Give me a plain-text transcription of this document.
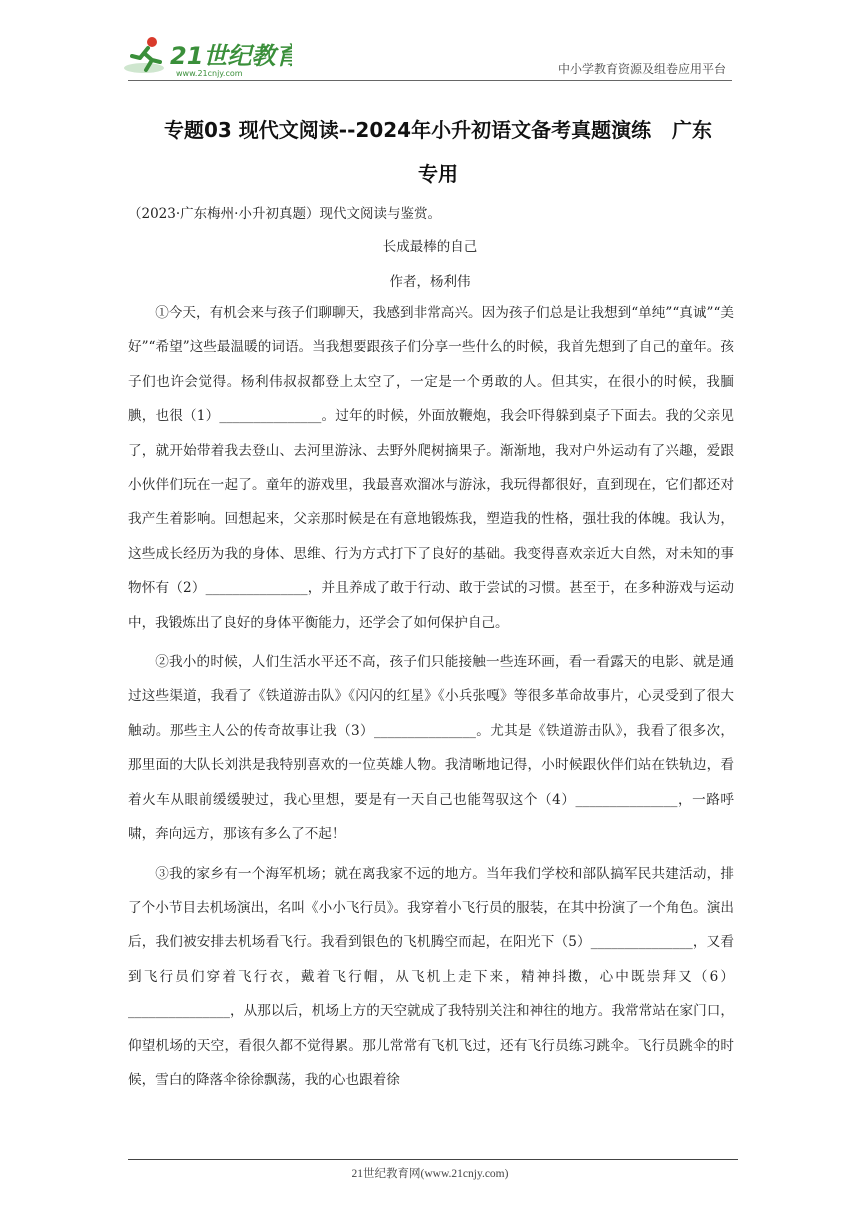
21世纪教育
www.21cnjy.com	中小学教育资源及组卷应用平台
专题03 现代文阅读--2024年小升初语文备考真题演练   广东
专用
（2023·广东梅州·小升初真题）现代文阅读与鉴赏。
长成最棒的自己
作者，杨利伟

①今天，有机会来与孩子们聊聊天，我感到非常高兴。因为孩子们总是让我想到“单纯”“真诚”“美好”“希望”这些最温暖的词语。当我想要跟孩子们分享一些什么的时候，我首先想到了自己的童年。孩子们也许会觉得。杨利伟叔叔都登上太空了，一定是一个勇敢的人。但其实，在很小的时候，我腼腆，也很（1）_______________。过年的时候，外面放鞭炮，我会吓得躲到桌子下面去。我的父亲见了，就开始带着我去登山、去河里游泳、去野外爬树摘果子。渐渐地，我对户外运动有了兴趣，爱跟小伙伴们玩在一起了。童年的游戏里，我最喜欢溜冰与游泳，我玩得都很好，直到现在，它们都还对我产生着影响。回想起来，父亲那时候是在有意地锻炼我，塑造我的性格，强壮我的体魄。我认为，这些成长经历为我的身体、思维、行为方式打下了良好的基础。我变得喜欢亲近大自然，对未知的事物怀有（2）_______________，并且养成了敢于行动、敢于尝试的习惯。甚至于，在多种游戏与运动中，我锻炼出了良好的身体平衡能力，还学会了如何保护自己。

②我小的时候，人们生活水平还不高，孩子们只能接触一些连环画，看一看露天的电影、就是通过这些渠道，我看了《铁道游击队》《闪闪的红星》《小兵张嘎》等很多革命故事片，心灵受到了很大触动。那些主人公的传奇故事让我（3）_______________。尤其是《铁道游击队》，我看了很多次，那里面的大队长刘洪是我特别喜欢的一位英雄人物。我清晰地记得，小时候跟伙伴们站在铁轨边，看着火车从眼前缓缓驶过，我心里想，要是有一天自己也能驾驭这个（4）_______________，一路呼啸，奔向远方，那该有多么了不起！

③我的家乡有一个海军机场；就在离我家不远的地方。当年我们学校和部队搞军民共建活动，排了个小节目去机场演出，名叫《小小飞行员》。我穿着小飞行员的服装，在其中扮演了一个角色。演出后，我们被安排去机场看飞行。我看到银色的飞机腾空而起，在阳光下（5）_______________，又看到飞行员们穿着飞行衣，戴着飞行帽，从飞机上走下来，精神抖擞，心中既崇拜又（6）_______________，从那以后，机场上方的天空就成了我特别关注和神往的地方。我常常站在家门口，仰望机场的天空，看很久都不觉得累。那儿常常有飞机飞过，还有飞行员练习跳伞。飞行员跳伞的时候，雪白的降落伞徐徐飘荡，我的心也跟着徐

21世纪教育网(www.21cnjy.com)
